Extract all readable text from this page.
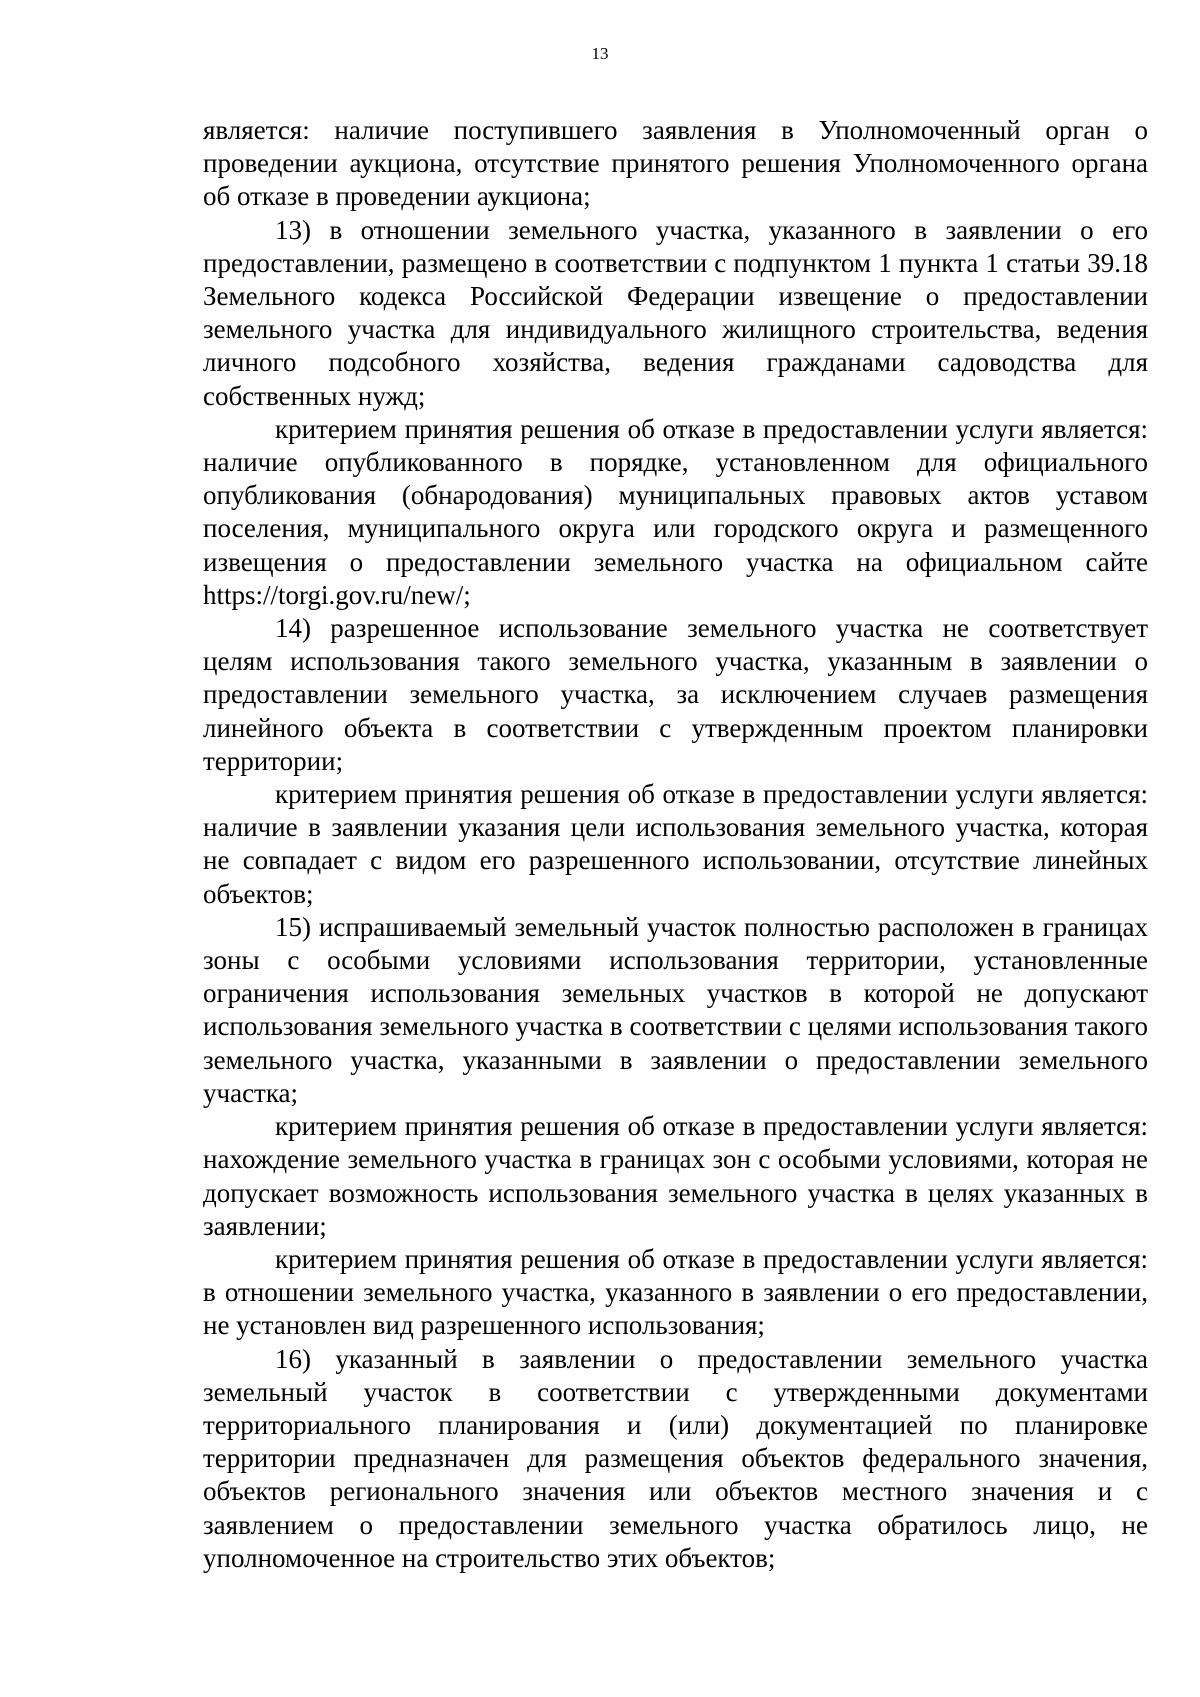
13

является: наличие поступившего заявления в Уполномоченный орган о проведении аукциона, отсутствие принятого решения Уполномоченного органа об отказе в проведении аукциона;

13) в отношении земельного участка, указанного в заявлении о его предоставлении, размещено в соответствии с подпунктом 1 пункта 1 статьи 39.18 Земельного кодекса Российской Федерации извещение о предоставлении земельного участка для индивидуального жилищного строительства, ведения личного подсобного хозяйства, ведения гражданами садоводства для собственных нужд;

критерием принятия решения об отказе в предоставлении услуги является: наличие опубликованного в порядке, установленном для официального опубликования (обнародования) муниципальных правовых актов уставом поселения, муниципального округа или городского округа и размещенного извещения о предоставлении земельного участка на официальном сайте https://torgi.gov.ru/new/;

14) разрешенное использование земельного участка не соответствует целям использования такого земельного участка, указанным в заявлении о предоставлении земельного участка, за исключением случаев размещения линейного объекта в соответствии с утвержденным проектом планировки территории;

критерием принятия решения об отказе в предоставлении услуги является: наличие в заявлении указания цели использования земельного участка, которая не совпадает с видом его разрешенного использовании, отсутствие линейных объектов;

15) испрашиваемый земельный участок полностью расположен в границах зоны с особыми условиями использования территории, установленные ограничения использования земельных участков в которой не допускают использования земельного участка в соответствии с целями использования такого земельного участка, указанными в заявлении о предоставлении земельного участка;

критерием принятия решения об отказе в предоставлении услуги является: нахождение земельного участка в границах зон с особыми условиями, которая не допускает возможность использования земельного участка в целях указанных в заявлении;

критерием принятия решения об отказе в предоставлении услуги является: в отношении земельного участка, указанного в заявлении о его предоставлении, не установлен вид разрешенного использования;

16) указанный в заявлении о предоставлении земельного участка земельный участок в соответствии с утвержденными документами территориального планирования и (или) документацией по планировке территории предназначен для размещения объектов федерального значения, объектов регионального значения или объектов местного значения и с заявлением о предоставлении земельного участка обратилось лицо, не уполномоченное на строительство этих объектов;
